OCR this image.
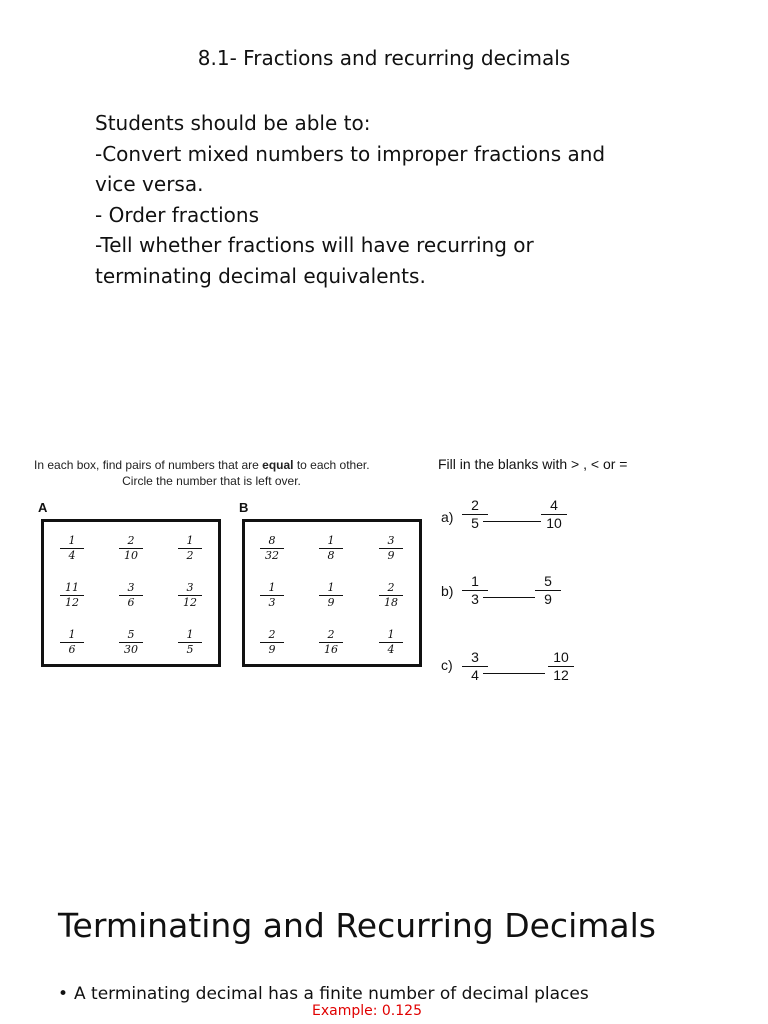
8.1- Fractions and recurring decimals
Students should be able to:
-Convert mixed numbers to improper fractions and
vice versa.
- Order fractions
-Tell whether fractions will have recurring or
terminating decimal equivalents.
In each box, find pairs of numbers that are equal to each other.
Circle the number that is left over.
A	B
1
4
2
10
1
2
11
12
3
6
3
12
1
6
5
30
1
5
8
32
1
8
3
9
1
3
1
9
2
18
2
9
2
16
1
4
Fill in the blanks with > , < or =
a)
2
5
4
10
b)
1
3
5
9
c)	3
4
10
12
Terminating and Recurring Decimals
• A terminating decimal has a finite number of decimal places
Example: 0.125
